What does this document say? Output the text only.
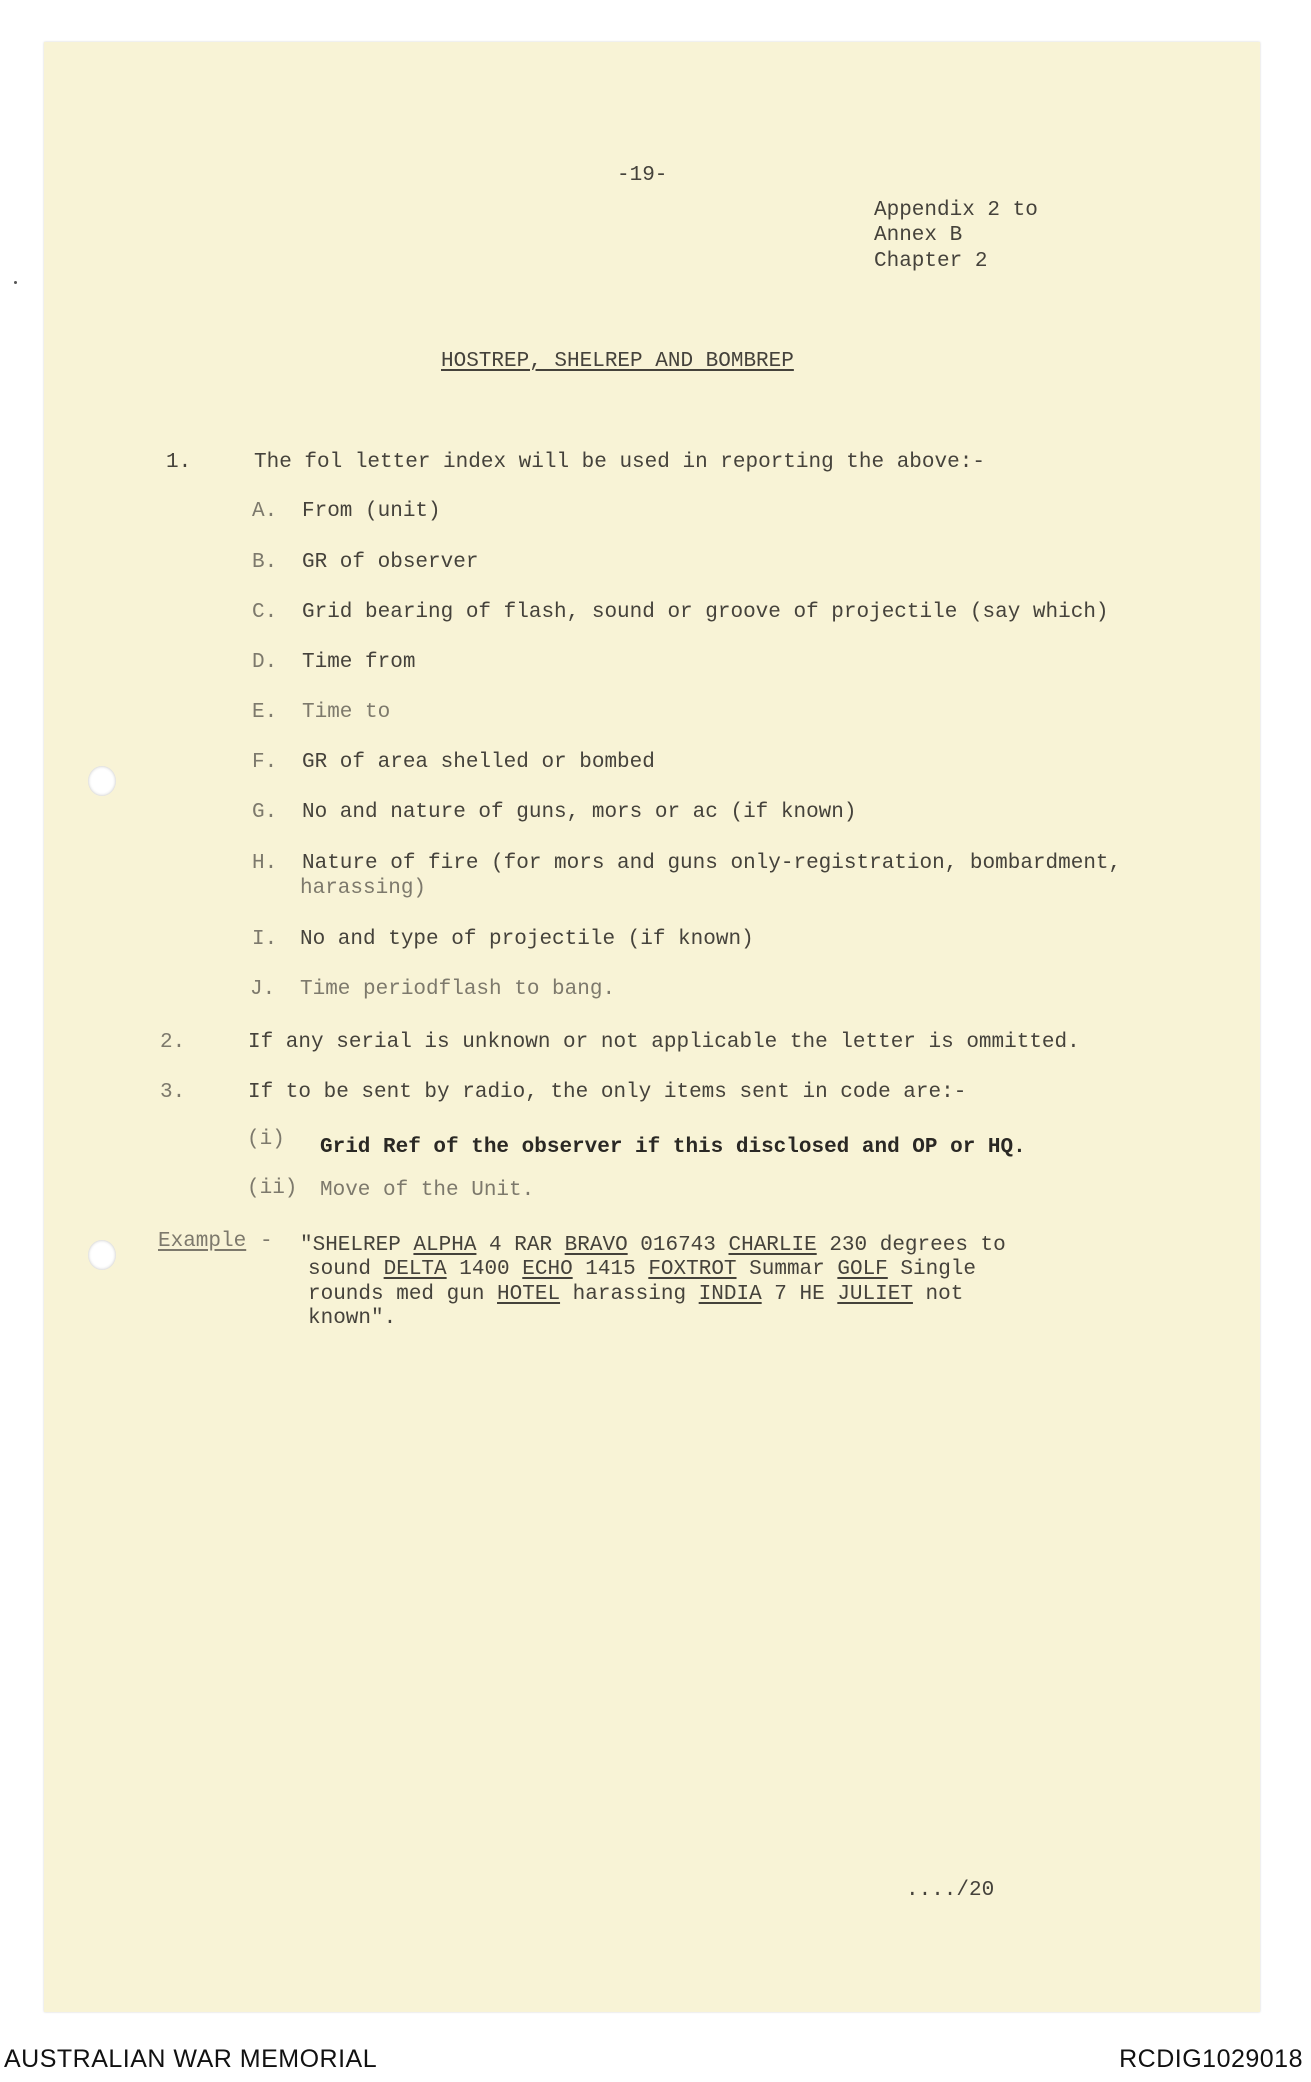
-19-
Appendix 2 to
Annex B
Chapter 2
HOSTREP, SHELREP AND BOMBREP
1.	The fol letter index will be used in reporting the above:-
A. From (unit)
B. GR of observer
C. Grid bearing of flash, sound or groove of projectile (say which)
D. Time from
E. Time to
F. GR of area shelled or bombed
G. No and nature of guns, mors or ac (if known)
H. Nature of fire (for mors and guns only-registration, bombardment,
harassing)
I. No and type of projectile (if known)
J. Time periodflash to bang.
2.	If any serial is unknown or not applicable the letter is ommitted.
3.	If to be sent by radio, the only items sent in code are:-
(i) Grid Ref of the observer if this disclosed and OP or HQ.
(ii) Move of the Unit.
Example - "SHELREP ALPHA 4 RAR BRAVO 016743 CHARLIE 230 degrees to
sound DELTA 1400 ECHO 1415 FOXTROT Summar GOLF Single
rounds med gun HOTEL harassing INDIA 7 HE JULIET not
known".
..../20
AUSTRALIAN WAR MEMORIAL	RCDIG1029018
